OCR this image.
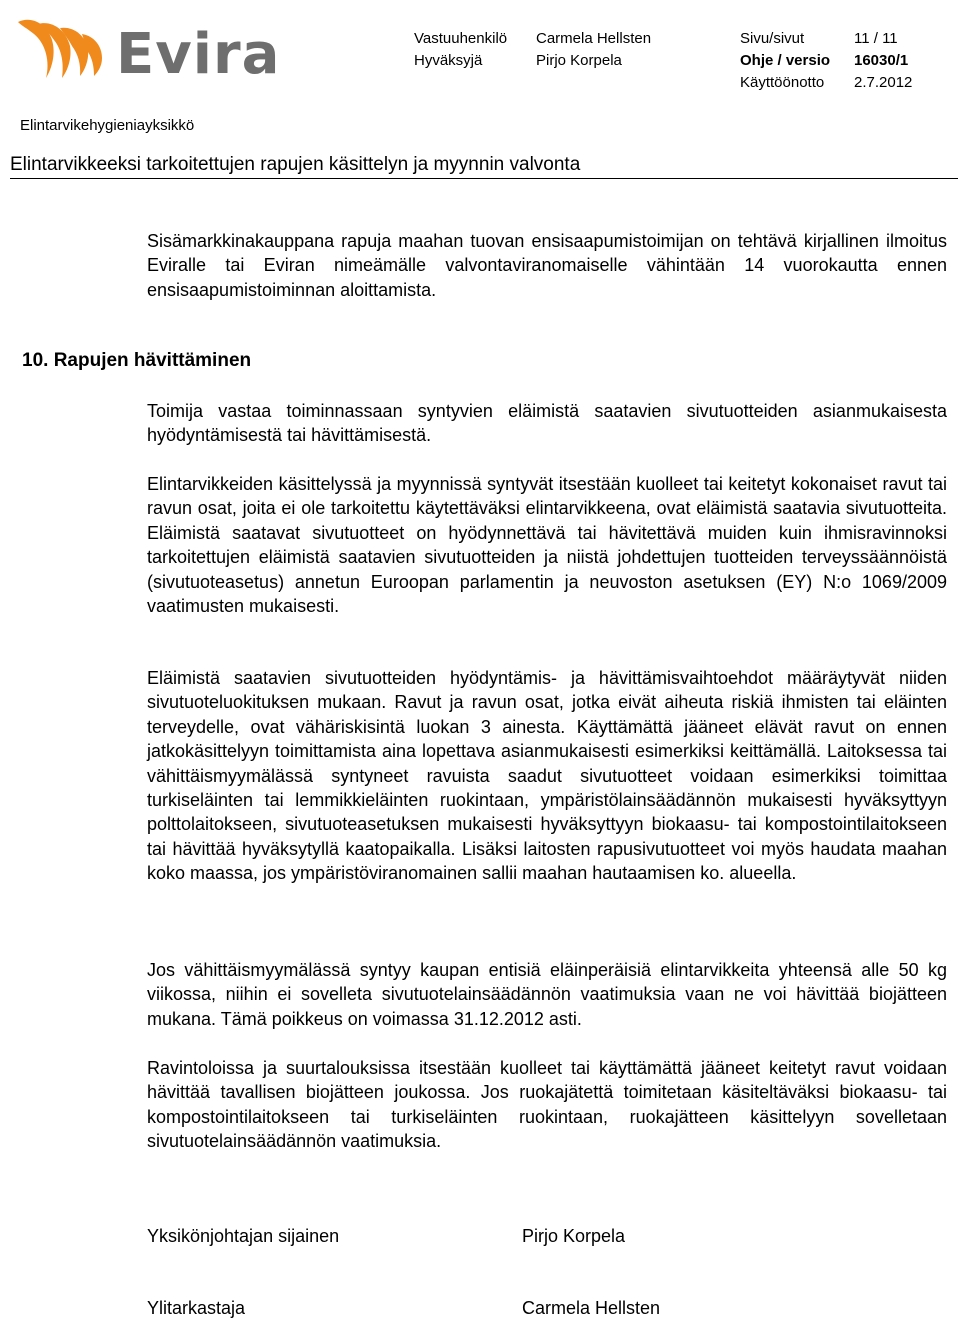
Evira	Vastuuhenkilö Carmela Hellsten	Sivu/sivut	11 / 11
Hyväksyjä	Pirjo Korpela	Ohje / versio 16030/1
Käyttöönotto 2.7.2012
Elintarvikehygieniayksikkö
Elintarvikkeeksi tarkoitettujen rapujen käsittelyn ja myynnin valvonta

Sisämarkkinakauppana rapuja maahan tuovan ensisaapumistoimijan on tehtävä kirjallinen ilmoitus Eviralle tai Eviran nimeämälle valvontaviranomaiselle vähintään 14 vuorokautta ennen ensisaapumistoiminnan aloittamista.

10. Rapujen hävittäminen

Toimija vastaa toiminnassaan syntyvien eläimistä saatavien sivutuotteiden asianmukaisesta hyödyntämisestä tai hävittämisestä.

Elintarvikkeiden käsittelyssä ja myynnissä syntyvät itsestään kuolleet tai keitetyt kokonaiset ravut tai ravun osat, joita ei ole tarkoitettu käytettäväksi elintarvikkeena, ovat eläimistä saatavia sivutuotteita. Eläimistä saatavat sivutuotteet on hyödynnettävä tai hävitettävä muiden kuin ihmisravinnoksi tarkoitettujen eläimistä saatavien sivutuotteiden ja niistä johdettujen tuotteiden terveyssäännöistä (sivutuoteasetus) annetun Euroopan parlamentin ja neuvoston asetuksen (EY) N:o 1069/2009 vaatimusten mukaisesti.

Eläimistä saatavien sivutuotteiden hyödyntämis- ja hävittämisvaihtoehdot määräytyvät niiden sivutuoteluokituksen mukaan. Ravut ja ravun osat, jotka eivät aiheuta riskiä ihmisten tai eläinten terveydelle, ovat vähäriskisintä luokan 3 ainesta. Käyttämättä jääneet elävät ravut on ennen jatkokäsittelyyn toimittamista aina lopettava asianmukaisesti esimerkiksi keittämällä. Laitoksessa tai vähittäismyymälässä syntyneet ravuista saadut sivutuotteet voidaan esimerkiksi toimittaa turkiseläinten tai lemmikkieläinten ruokintaan, ympäristölainsäädännön mukaisesti hyväksyttyyn polttolaitokseen, sivutuoteasetuksen mukaisesti hyväksyttyyn biokaasu- tai kompostointilaitokseen tai hävittää hyväksytyllä kaatopaikalla. Lisäksi laitosten rapusivutuotteet voi myös haudata maahan koko maassa, jos ympäristöviranomainen sallii maahan hautaamisen ko. alueella.

Jos vähittäismyymälässä syntyy kaupan entisiä eläinperäisiä elintarvikkeita yhteensä alle 50 kg viikossa, niihin ei sovelleta sivutuotelainsäädännön vaatimuksia vaan ne voi hävittää biojätteen mukana. Tämä poikkeus on voimassa 31.12.2012 asti.

Ravintoloissa ja suurtalouksissa itsestään kuolleet tai käyttämättä jääneet keitetyt ravut voidaan hävittää tavallisen biojätteen joukossa. Jos ruokajätettä toimitetaan käsiteltäväksi biokaasu- tai kompostointilaitokseen tai turkiseläinten ruokintaan, ruokajätteen käsittelyyn sovelletaan sivutuotelainsäädännön vaatimuksia.

Yksikönjohtajan sijainen	Pirjo Korpela
Ylitarkastaja	Carmela Hellsten
